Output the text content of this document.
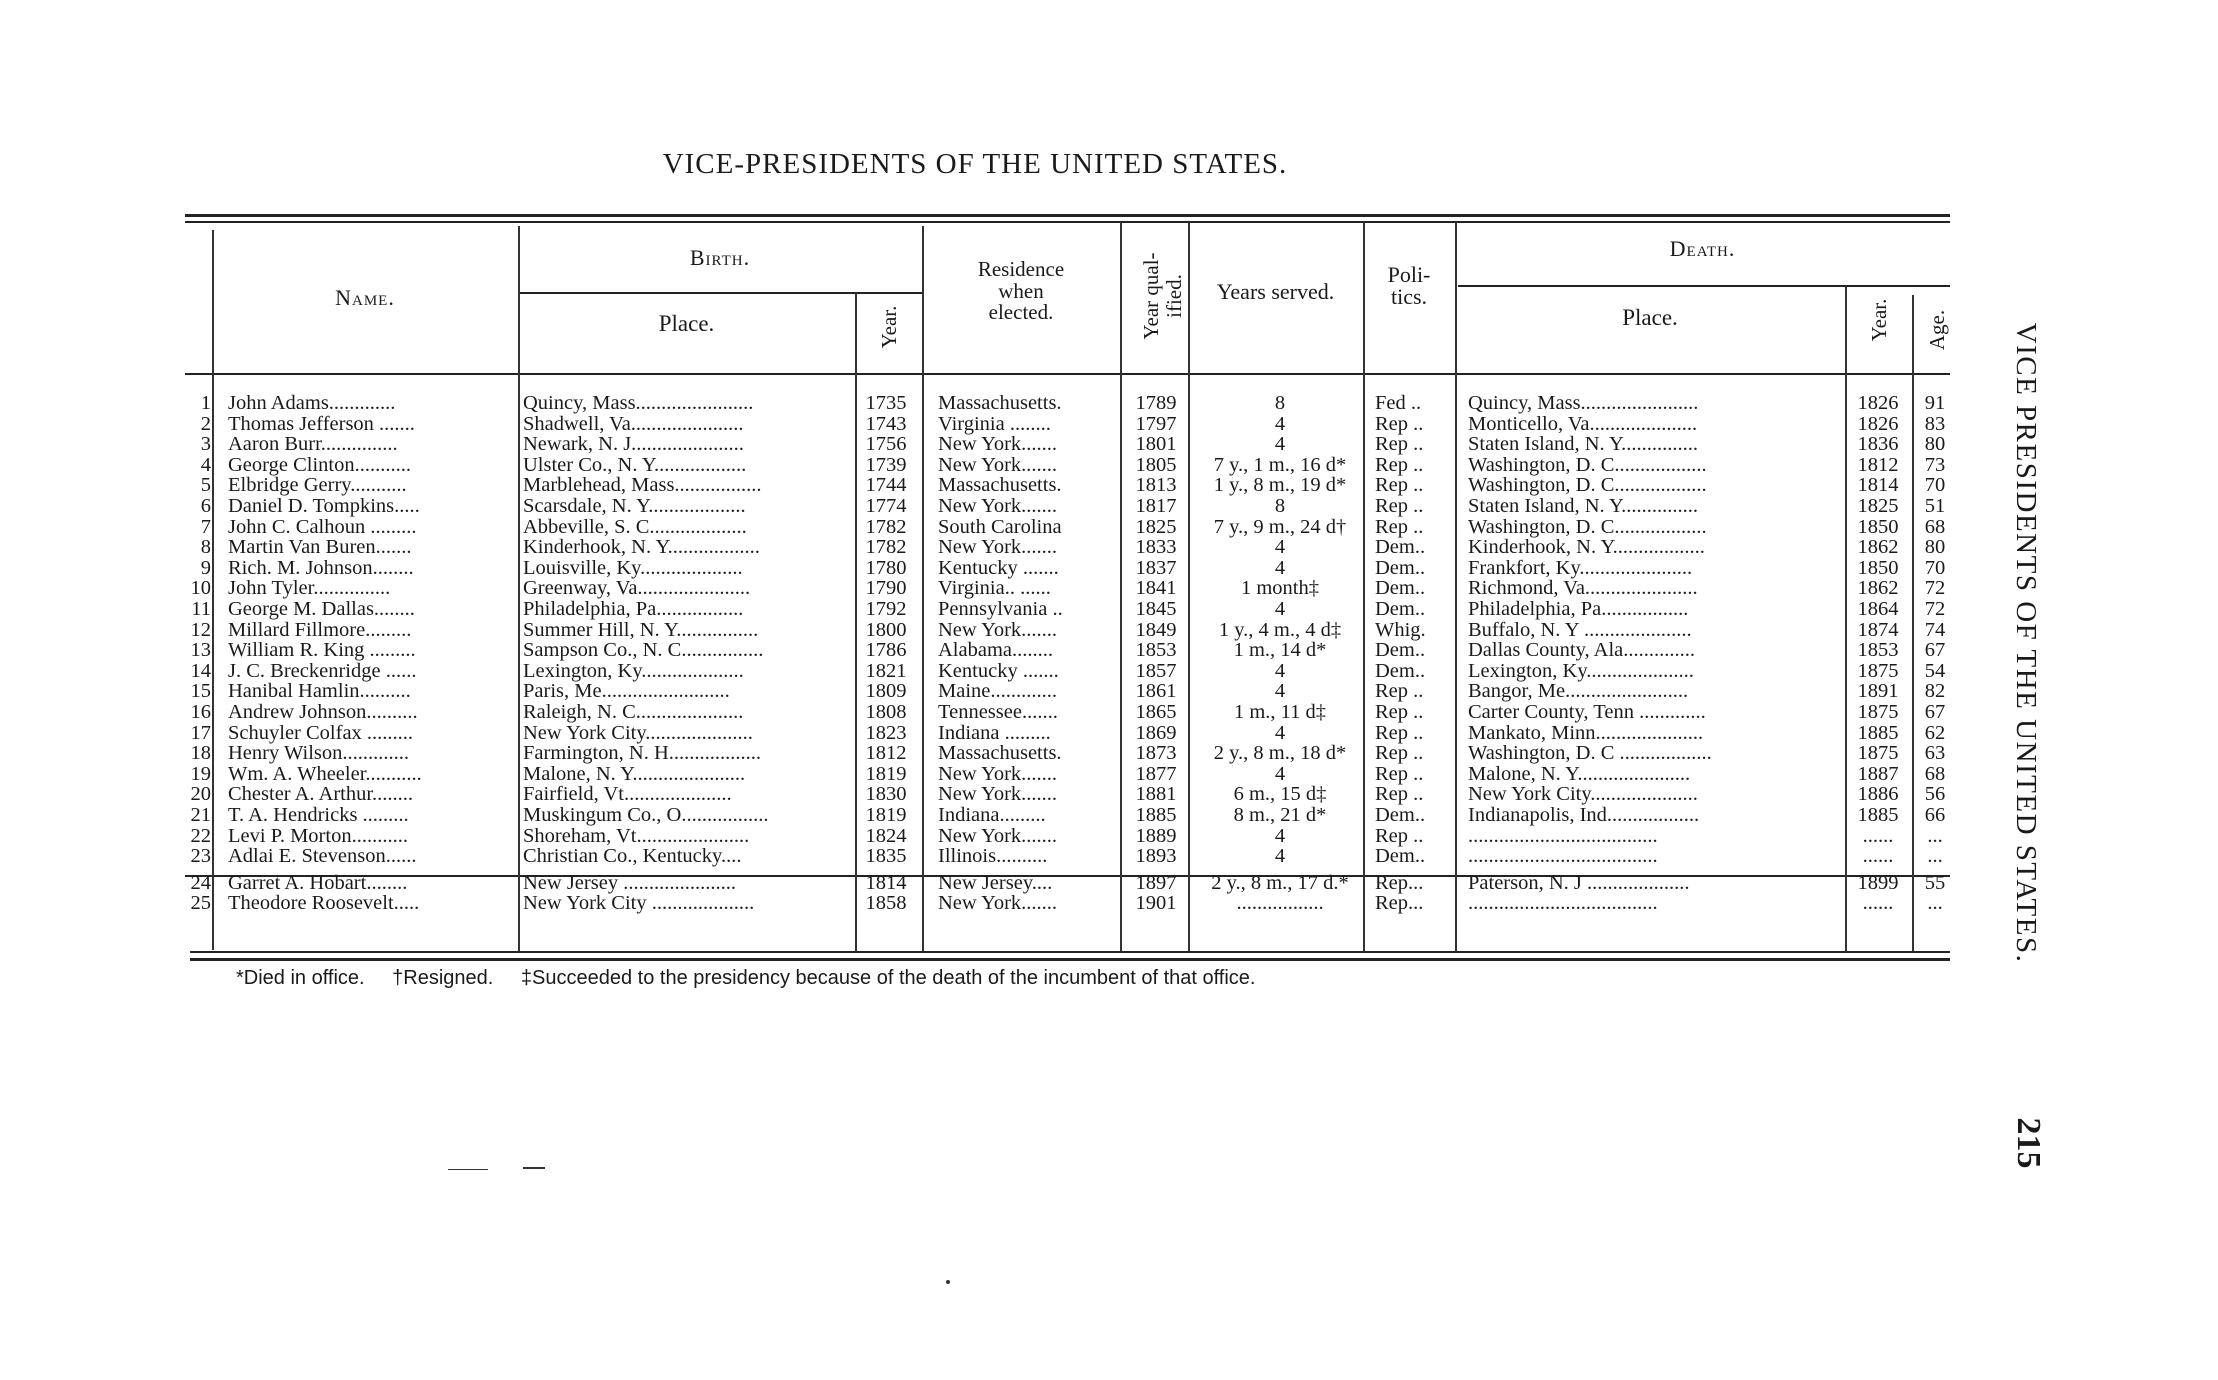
VICE-PRESIDENTS OF THE UNITED STATES.
Name.
Birth.
Place.	Year.
Residence
when
elected.	Year qual- ified.	Years served.
Poli-
tics.
Death.
Place.	Year. Age.
1 John Adams.............	Quincy, Mass.......................	1735	Massachusetts.	1789	8	Fed ..	Quincy, Mass.......................	1826	91
2 Thomas Jefferson .......	Shadwell, Va......................	1743	Virginia ........	1797	4	Rep ..	Monticello, Va.....................	1826	83
3 Aaron Burr...............	Newark, N. J......................	1756	New York.......	1801	4	Rep ..	Staten Island, N. Y...............	1836	80
4 George Clinton...........	Ulster Co., N. Y..................	1739	New York.......	1805	7 y., 1 m., 16 d*	Rep ..	Washington, D. C..................	1812	73
5 Elbridge Gerry...........	Marblehead, Mass.................	1744	Massachusetts.	1813	1 y., 8 m., 19 d*	Rep ..	Washington, D. C..................	1814	70
6 Daniel D. Tompkins.....	Scarsdale, N. Y...................	1774	New York.......	1817	8	Rep ..	Staten Island, N. Y...............	1825	51
7 John C. Calhoun .........	Abbeville, S. C...................	1782	South Carolina	1825	7 y., 9 m., 24 d†	Rep ..	Washington, D. C..................	1850	68
8 Martin Van Buren.......	Kinderhook, N. Y..................	1782	New York.......	1833	4	Dem..	Kinderhook, N. Y..................	1862	80
9 Rich. M. Johnson........	Louisville, Ky....................	1780	Kentucky .......	1837	4	Dem..	Frankfort, Ky......................	1850	70
10 John Tyler...............	Greenway, Va......................	1790	Virginia.. ......	1841	1 month‡	Dem..	Richmond, Va......................	1862	72
11 George M. Dallas........	Philadelphia, Pa.................	1792	Pennsylvania ..	1845	4	Dem..	Philadelphia, Pa.................	1864	72
12 Millard Fillmore.........	Summer Hill, N. Y................	1800	New York.......	1849	1 y., 4 m., 4 d‡	Whig.	Buffalo, N. Y .....................	1874	74
13 William R. King .........	Sampson Co., N. C................	1786	Alabama........	1853	1 m., 14 d*	Dem..	Dallas County, Ala..............	1853	67
14 J. C. Breckenridge ......	Lexington, Ky....................	1821	Kentucky .......	1857	4	Dem..	Lexington, Ky.....................	1875	54
15 Hanibal Hamlin..........	Paris, Me.........................	1809	Maine.............	1861	4	Rep ..	Bangor, Me........................	1891	82
16 Andrew Johnson..........	Raleigh, N. C.....................	1808	Tennessee.......	1865	1 m., 11 d‡	Rep ..	Carter County, Tenn .............	1875	67
17 Schuyler Colfax .........	New York City.....................	1823	Indiana .........	1869	4	Rep ..	Mankato, Minn.....................	1885	62
18 Henry Wilson.............	Farmington, N. H..................	1812	Massachusetts.	1873	2 y., 8 m., 18 d*	Rep ..	Washington, D. C ..................	1875	63
19 Wm. A. Wheeler...........	Malone, N. Y......................	1819	New York.......	1877	4	Rep ..	Malone, N. Y......................	1887	68
20 Chester A. Arthur........	Fairfield, Vt.....................	1830	New York.......	1881	6 m., 15 d‡	Rep ..	New York City.....................	1886	56
21 T. A. Hendricks .........	Muskingum Co., O.................	1819	Indiana.........	1885	8 m., 21 d*	Dem..	Indianapolis, Ind..................	1885	66
22 Levi P. Morton...........	Shoreham, Vt......................	1824	New York.......	1889	4	Rep ..	.....................................	......	...
23 Adlai E. Stevenson......	Christian Co., Kentucky....	1835	Illinois..........	1893	4	Dem..	.....................................	......	...
24 Garret A. Hobart........	New Jersey ......................	1814	New Jersey....	1897	2 y., 8 m., 17 d.*	Rep...	Paterson, N. J ....................	1899	55
25 Theodore Roosevelt.....	New York City ....................	1858	New York.......	1901	.................	Rep...	.....................................	......	...
*Died in office. †Resigned. ‡Succeeded to the presidency because of the death of the incumbent of that office.
VICE PRESIDENTS OF THE UNITED STATES.
215
